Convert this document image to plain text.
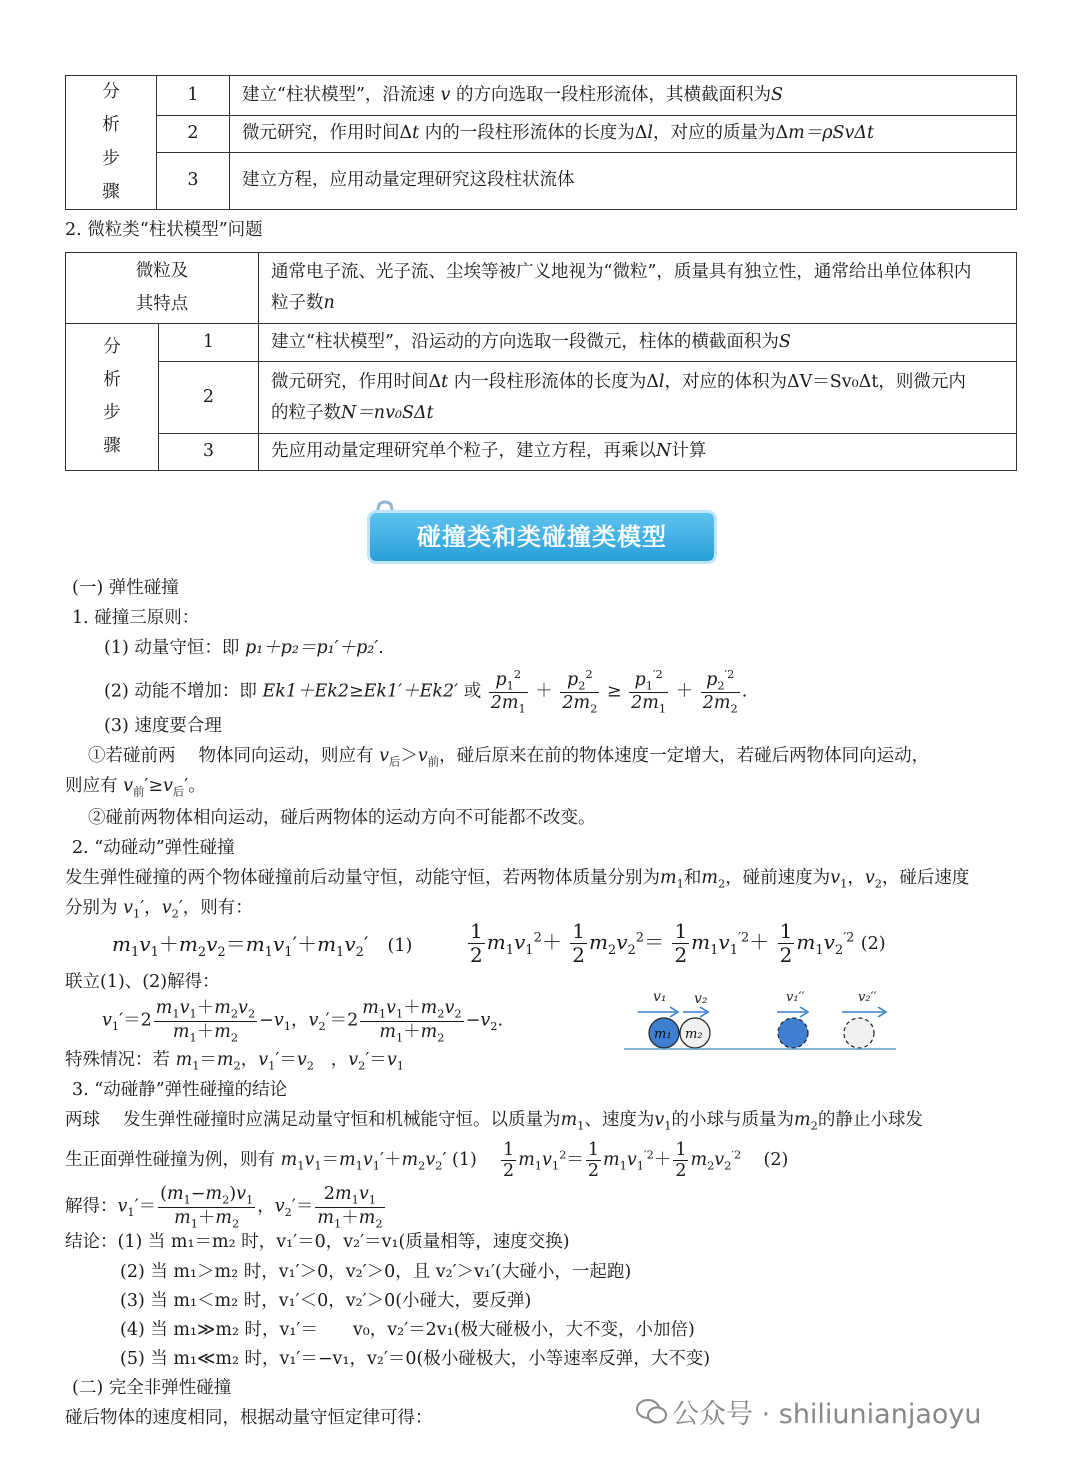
分
析
步
骤	1	建立“柱状模型”，沿流速 v 的方向选取一段柱形流体，其横截面积为S
	2	微元研究，作用时间Δt 内的一段柱形流体的长度为Δl，对应的质量为Δm＝ρSvΔt
	3	建立方程，应用动量定理研究这段柱状流体
2. 微粒类“柱状模型”问题
微粒及
其特点		通常电子流、光子流、尘埃等被广义地视为“微粒”，质量具有独立性，通常给出单位体积内
粒子数n
分
析
步
骤	1	建立“柱状模型”，沿运动的方向选取一段微元，柱体的横截面积为S
	2	微元研究，作用时间Δt 内一段柱形流体的长度为Δl，对应的体积为ΔV＝Sv₀Δt，则微元内
的粒子数N＝nv₀SΔt
	3	先应用动量定理研究单个粒子，建立方程，再乘以N计算
碰撞类和类碰撞类模型
(一) 弹性碰撞
1. 碰撞三原则：
(1) 动量守恒：即 p₁＋p₂＝p₁′＋p₂′.
(2) 动能不增加：即 Ek1＋Ek2≥Ek1′＋Ek2′ 或 $\frac{p_1^2}{2m_1} + \frac{p_2^2}{2m_2} \ge \frac{p_1^{'2}}{2m_1} + \frac{p_2^{'2}}{2m_2}$ .
(3) 速度要合理
①若碰前两　 物体同向运动，则应有 $v_后>v_前$，碰后原来在前的物体速度一定增大，若碰后两物体同向运动，
则应有 $v_前'\ge v_后'$。
②碰前两物体相向运动，碰后两物体的运动方向不可能都不改变。
2. “动碰动”弹性碰撞
发生弹性碰撞的两个物体碰撞前后动量守恒，动能守恒，若两物体质量分别为$m_1$和$m_2$，碰前速度为$v_1$，$v_2$，碰后速度
分别为 $v_1'$，$v_2'$，则有：
$m_1v_1+m_2v_2=m_1v_1'+m_1v_2'$   (1)	$\frac{1}{2} m_1v_1^2+ \frac{1}{2} m_2v_2^2= \frac{1}{2} m_1v_1^{'2}+ \frac{1}{2} m_1v_2^{'2}$ (2)
联立(1)、(2)解得：
$v_1'=2 \frac{m_1v_1+m_2v_2}{m_1+m_2} -v_1$，$v_2'=2 \frac{m_1v_1+m_2v_2}{m_1+m_2} -v_2$.
特殊情况：若 $m_1=m_2$，$v_1'=v_2$   ，$v_2'=v_1$
v₁ v₂
m₁ m₂
v₁′′	v₂′′
3. “动碰静”弹性碰撞的结论
两球　 发生弹性碰撞时应满足动量守恒和机械能守恒。以质量为$m_1$、速度为$v_1$的小球与质量为$m_2$的静止小球发
生正面弹性碰撞为例，则有 $m_1v_1=m_1v_1'+m_2v_2'$ $(1) \frac{1}{2} m_1v_1^2= \frac{1}{2} m_1v_1^{'2}+ \frac{1}{2} m_2v_2^{'2}$    (2)
解得：$v_1'= \frac{(m_1-m_2)v_1}{m_1+m_2}$ ，$v_2'= \frac{2m_1v_1}{m_1+m_2}$
结论：(1) 当 m₁＝m₂ 时，v₁′＝0，v₂′＝v₁(质量相等，速度交换)
(2) 当 m₁＞m₂ 时，v₁′＞0，v₂′＞0，且 v₂′＞v₁′(大碰小，一起跑)
(3) 当 m₁＜m₂ 时，v₁′＜0，v₂′＞0(小碰大，要反弹)
(4) 当 m₁≫m₂ 时，v₁′＝　　v₀，v₂′＝2v₁(极大碰极小，大不变，小加倍)
(5) 当 m₁≪m₂ 时，v₁′＝−v₁，v₂′＝0(极小碰极大，小等速率反弹，大不变)
(二) 完全非弹性碰撞
碰后物体的速度相同，根据动量守恒定律可得：	公众号 · shiliunianjaoyu
